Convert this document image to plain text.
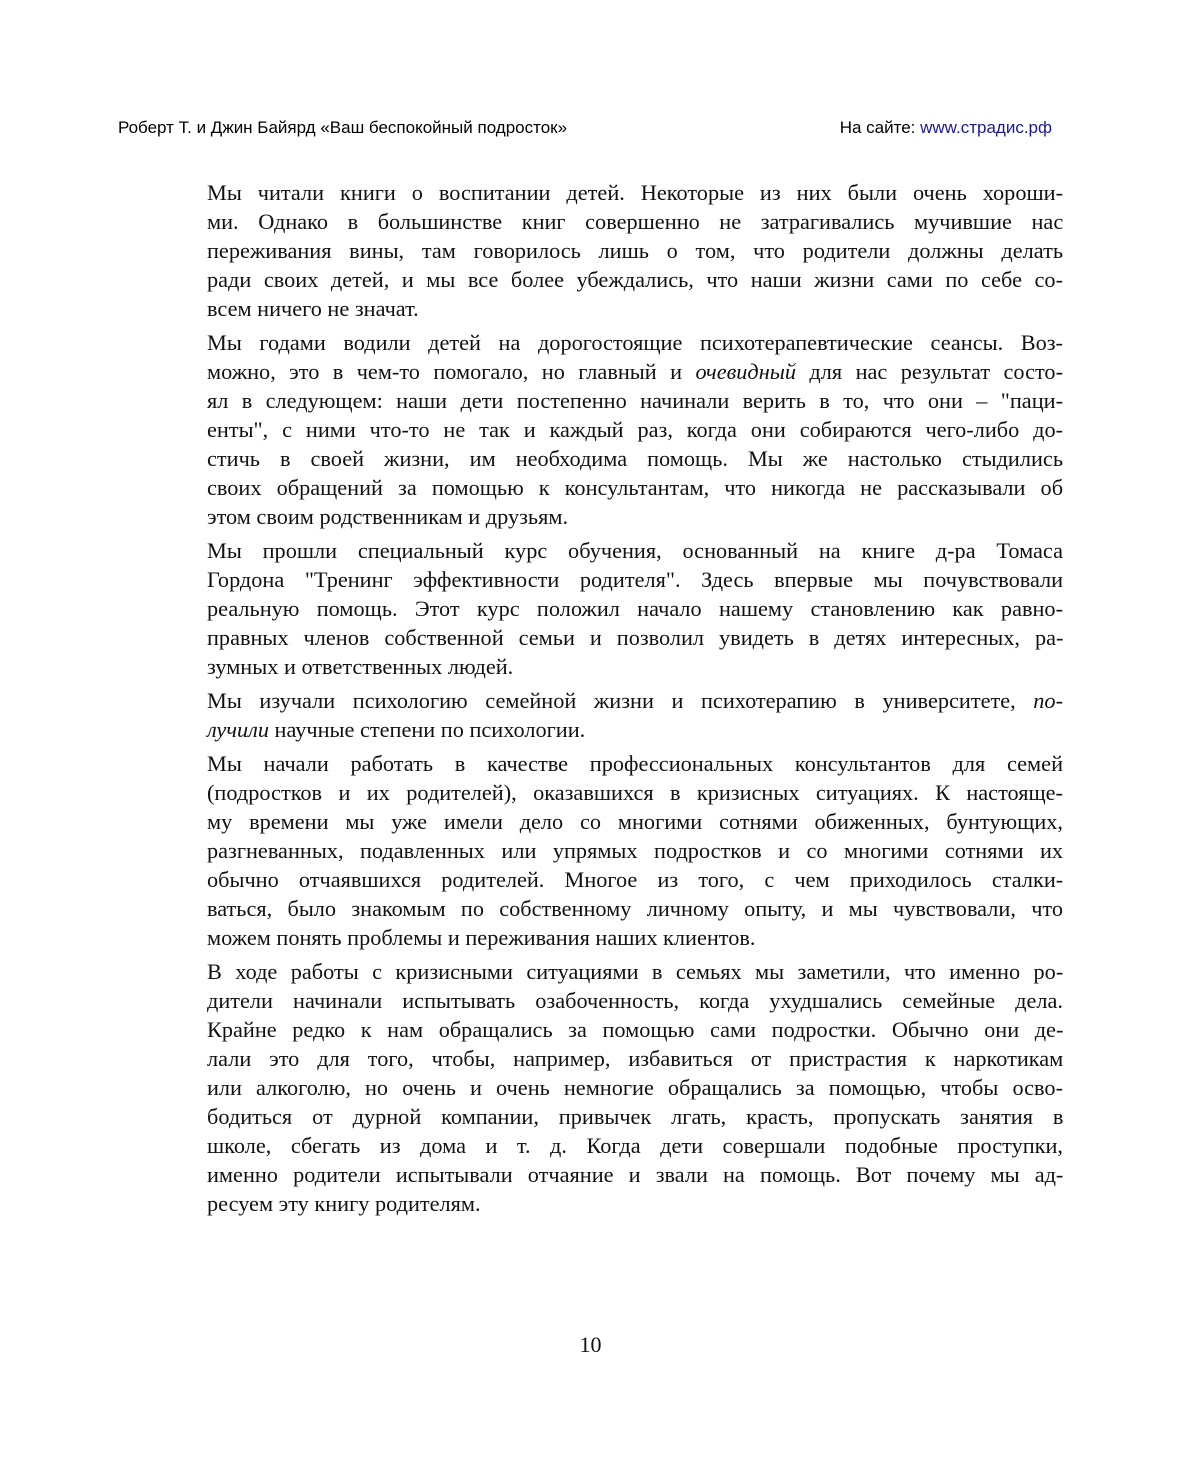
Роберт Т. и Джин Байярд «Ваш беспокойный подросток»	На сайте: www.страдис.рф
Мы читали книги о воспитании детей. Некоторые из них были очень хороши-
ми. Однако в большинстве книг совершенно не затрагивались мучившие нас
переживания вины, там говорилось лишь о том, что родители должны делать
ради своих детей, и мы все более убеждались, что наши жизни сами по себе со-
всем ничего не значат.
Мы годами водили детей на дорогостоящие психотерапевтические сеансы. Воз-
можно, это в чем-то помогало, но главный и очевидный для нас результат состо-
ял в следующем: наши дети постепенно начинали верить в то, что они – "паци-
енты", с ними что-то не так и каждый раз, когда они собираются чего-либо до-
стичь в своей жизни, им необходима помощь. Мы же настолько стыдились
своих обращений за помощью к консультантам, что никогда не рассказывали об
этом своим родственникам и друзьям.
Мы прошли специальный курс обучения, основанный на книге д-ра Томаса
Гордона "Тренинг эффективности родителя". Здесь впервые мы почувствовали
реальную помощь. Этот курс положил начало нашему становлению как равно-
правных членов собственной семьи и позволил увидеть в детях интересных, ра-
зумных и ответственных людей.
Мы изучали психологию семейной жизни и психотерапию в университете, по-
лучили научные степени по психологии.
Мы начали работать в качестве профессиональных консультантов для семей
(подростков и их родителей), оказавшихся в кризисных ситуациях. К настояще-
му времени мы уже имели дело со многими сотнями обиженных, бунтующих,
разгневанных, подавленных или упрямых подростков и со многими сотнями их
обычно отчаявшихся родителей. Многое из того, с чем приходилось сталки-
ваться, было знакомым по собственному личному опыту, и мы чувствовали, что
можем понять проблемы и переживания наших клиентов.
В ходе работы с кризисными ситуациями в семьях мы заметили, что именно ро-
дители начинали испытывать озабоченность, когда ухудшались семейные дела.
Крайне редко к нам обращались за помощью сами подростки. Обычно они де-
лали это для того, чтобы, например, избавиться от пристрастия к наркотикам
или алкоголю, но очень и очень немногие обращались за помощью, чтобы осво-
бодиться от дурной компании, привычек лгать, красть, пропускать занятия в
школе, сбегать из дома и т. д. Когда дети совершали подобные проступки,
именно родители испытывали отчаяние и звали на помощь. Вот почему мы ад-
ресуем эту книгу родителям.
10
